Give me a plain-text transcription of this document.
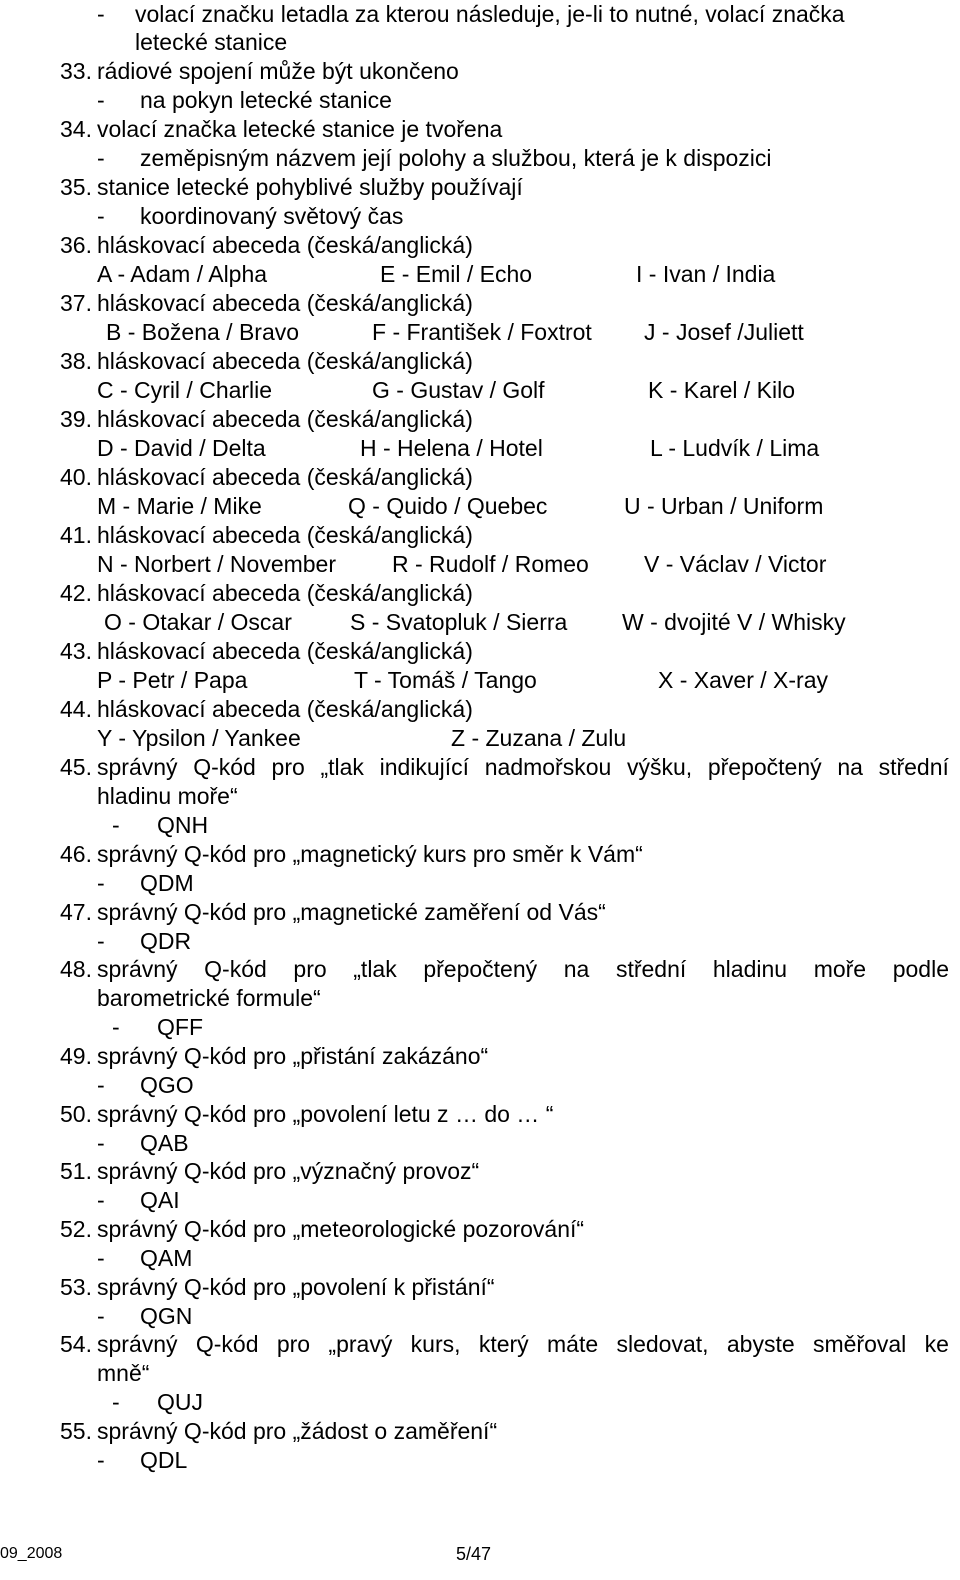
- volací značku letadla za kterou následuje, je-li to nutné, volací značka
letecké stanice
33. rádiové spojení může být ukončeno
- na pokyn letecké stanice
34. volací značka letecké stanice je tvořena
- zeměpisným názvem její polohy a službou, která je k dispozici
35. stanice letecké pohyblivé služby používají
- koordinovaný světový čas
36. hláskovací abeceda (česká/anglická)
A - Adam / Alpha	E - Emil / Echo	I - Ivan / India
37. hláskovací abeceda (česká/anglická)
B - Božena / Bravo	F - František / Foxtrot J - Josef /Juliett
38. hláskovací abeceda (česká/anglická)
C - Cyril / Charlie	G - Gustav / Golf	K - Karel / Kilo
39. hláskovací abeceda (česká/anglická)
D - David / Delta	H - Helena / Hotel	L - Ludvík / Lima
40. hláskovací abeceda (česká/anglická)
M - Marie / Mike	Q - Quido / Quebec	U - Urban / Uniform
41. hláskovací abeceda (česká/anglická)
N - Norbert / November R - Rudolf / Romeo V - Václav / Victor
42. hláskovací abeceda (česká/anglická)
O - Otakar / Oscar	S - Svatopluk / Sierra W - dvojité V / Whisky
43. hláskovací abeceda (česká/anglická)
P - Petr / Papa	T - Tomáš / Tango	X - Xaver / X-ray
44. hláskovací abeceda (česká/anglická)
Y - Ypsilon / Yankee	Z - Zuzana / Zulu
45. správný Q-kód pro „tlak indikující nadmořskou výšku, přepočtený na střední
hladinu moře“
- QNH
46. správný Q-kód pro „magnetický kurs pro směr k Vám“
- QDM
47. správný Q-kód pro „magnetické zaměření od Vás“
- QDR
48. správný Q-kód pro „tlak přepočtený na střední hladinu moře podle
barometrické formule“
- QFF
49. správný Q-kód pro „přistání zakázáno“
- QGO
50. správný Q-kód pro „povolení letu z … do … “
- QAB
51. správný Q-kód pro „význačný provoz“
- QAI
52. správný Q-kód pro „meteorologické pozorování“
- QAM
53. správný Q-kód pro „povolení k přistání“
- QGN
54. správný Q-kód pro „pravý kurs, který máte sledovat, abyste směřoval ke
mně“
- QUJ
55. správný Q-kód pro „žádost o zaměření“
- QDL
09_2008	5/47
